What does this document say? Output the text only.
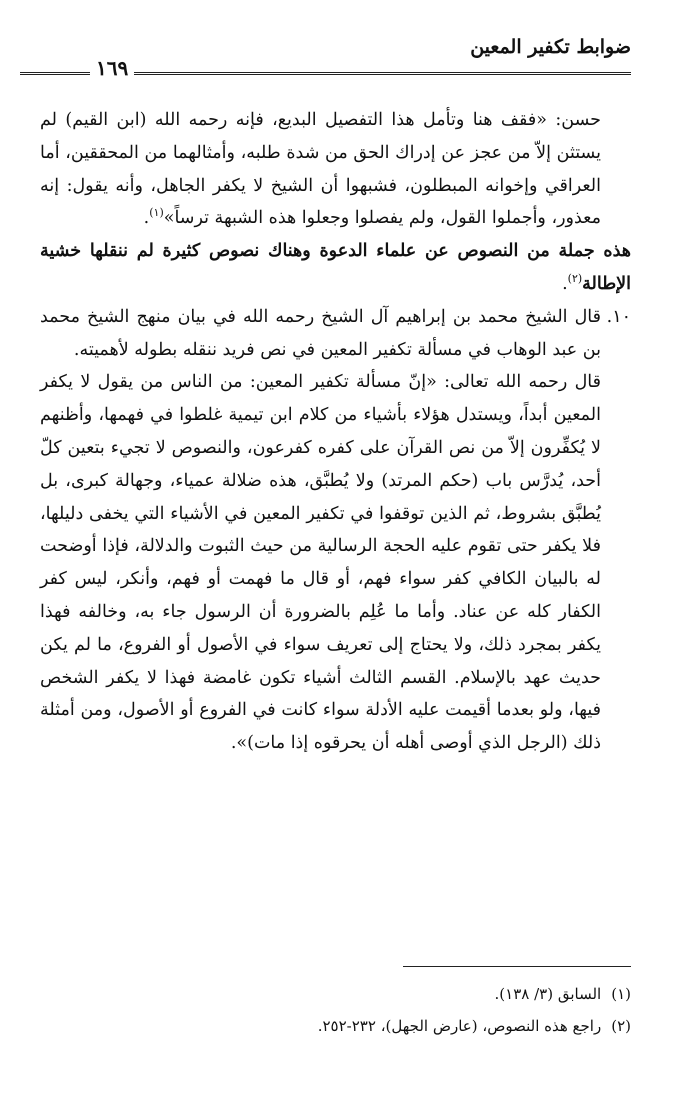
ضوابط تكفير المعين
١٦٩

حسن: «فقف هنا وتأمل هذا التفصيل البديع، فإنه رحمه الله (ابن القيم) لم يستثن إلاّ من عجز عن إدراك الحق من شدة طلبه، وأمثالهما من المحققين، أما العراقي وإخوانه المبطلون، فشبهوا أن الشيخ لا يكفر الجاهل، وأنه يقول: إنه معذور، وأجملوا القول، ولم يفصلوا وجعلوا هذه الشبهة ترساً»$^{(١)}$.

هذه جملة من النصوص عن علماء الدعوة وهناك نصوص كثيرة لم ننقلها خشية الإطالة$^{(٢)}$.

١٠.
قال الشيخ محمد بن إبراهيم آل الشيخ رحمه الله في بيان منهج الشيخ محمد بن عبد الوهاب في مسألة تكفير المعين في نص فريد ننقله بطوله لأهميته.

قال رحمه الله تعالى: «إنّ مسألة تكفير المعين: من الناس من يقول لا يكفر المعين أبداً، ويستدل هؤلاء بأشياء من كلام ابن تيمية غلطوا في فهمها، وأظنهم لا يُكفِّرون إلاّ من نص القرآن على كفره كفرعون، والنصوص لا تجيء بتعين كلّ أحد، يُدرَّس باب (حكم المرتد) ولا يُطبَّق، هذه ضلالة عمياء، وجهالة كبرى، بل يُطبَّق بشروط، ثم الذين توقفوا في تكفير المعين في الأشياء التي يخفى دليلها، فلا يكفر حتى تقوم عليه الحجة الرسالية من حيث الثبوت والدلالة، فإذا أوضحت له بالبيان الكافي كفر سواء فهم، أو قال ما فهمت أو فهم، وأنكر، ليس كفر الكفار كله عن عناد. وأما ما عُلِم بالضرورة أن الرسول جاء به، وخالفه فهذا يكفر بمجرد ذلك، ولا يحتاج إلى تعريف سواء في الأصول أو الفروع، ما لم يكن حديث عهد بالإسلام. القسم الثالث أشياء تكون غامضة فهذا لا يكفر الشخص فيها، ولو بعدما أقيمت عليه الأدلة سواء كانت في الفروع أو الأصول، ومن أمثلة ذلك (الرجل الذي أوصى أهله أن يحرقوه إذا مات)».

(١)السابق (٣/ ١٣٨).

(٢)راجع هذه النصوص، (عارض الجهل)، ٢٣٢-٢٥٢.
